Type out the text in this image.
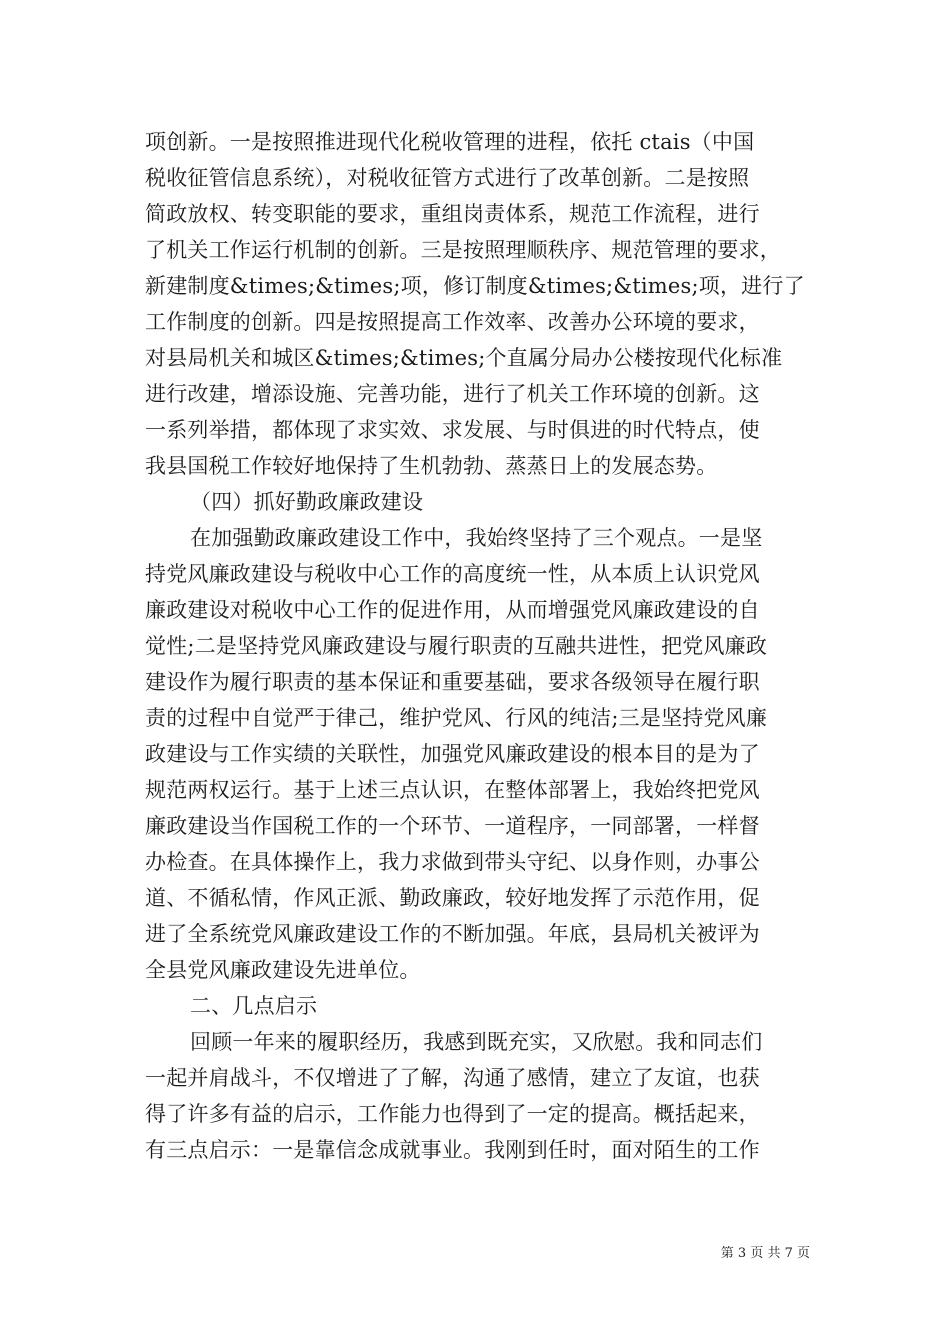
项创新。一是按照推进现代化税收管理的进程，依托 ctais（中国
税收征管信息系统），对税收征管方式进行了改革创新。二是按照
简政放权、转变职能的要求，重组岗责体系，规范工作流程，进行
了机关工作运行机制的创新。三是按照理顺秩序、规范管理的要求，
新建制度&times;&times;项，修订制度&times;&times;项，进行了
工作制度的创新。四是按照提高工作效率、改善办公环境的要求，
对县局机关和城区&times;&times;个直属分局办公楼按现代化标准
进行改建，增添设施、完善功能，进行了机关工作环境的创新。这
一系列举措，都体现了求实效、求发展、与时俱进的时代特点，使
我县国税工作较好地保持了生机勃勃、蒸蒸日上的发展态势。
（四）抓好勤政廉政建设
在加强勤政廉政建设工作中，我始终坚持了三个观点。一是坚
持党风廉政建设与税收中心工作的高度统一性，从本质上认识党风
廉政建设对税收中心工作的促进作用，从而增强党风廉政建设的自
觉性;二是坚持党风廉政建设与履行职责的互融共进性，把党风廉政
建设作为履行职责的基本保证和重要基础，要求各级领导在履行职
责的过程中自觉严于律己，维护党风、行风的纯洁;三是坚持党风廉
政建设与工作实绩的关联性，加强党风廉政建设的根本目的是为了
规范两权运行。基于上述三点认识，在整体部署上，我始终把党风
廉政建设当作国税工作的一个环节、一道程序，一同部署，一样督
办检查。在具体操作上，我力求做到带头守纪、以身作则，办事公
道、不循私情，作风正派、勤政廉政，较好地发挥了示范作用，促
进了全系统党风廉政建设工作的不断加强。年底，县局机关被评为
全县党风廉政建设先进单位。
二、几点启示
回顾一年来的履职经历，我感到既充实，又欣慰。我和同志们
一起并肩战斗，不仅增进了了解，沟通了感情，建立了友谊，也获
得了许多有益的启示，工作能力也得到了一定的提高。概括起来，
有三点启示：一是靠信念成就事业。我刚到任时，面对陌生的工作
第 3 页 共 7 页
